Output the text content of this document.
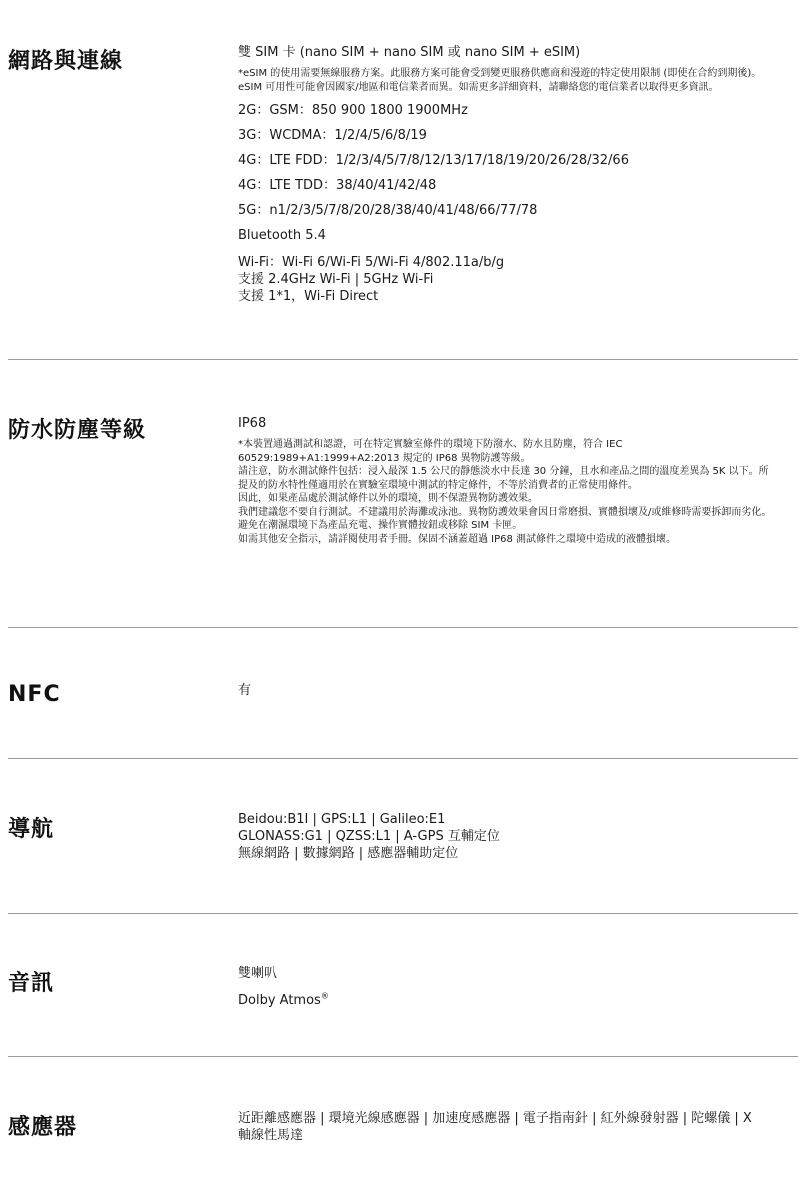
網路與連線	雙 SIM 卡 (nano SIM + nano SIM 或 nano SIM + eSIM)
*eSIM 的使用需要無線服務方案。此服務方案可能會受到變更服務供應商和漫遊的特定使用限制 (即使在合約到期後)。eSIM 可用性可能會因國家/地區和電信業者而異。如需更多詳細資料，請聯絡您的電信業者以取得更多資訊。
2G：GSM：850 900 1800 1900MHz
3G：WCDMA：1/2/4/5/6/8/19
4G：LTE FDD：1/2/3/4/5/7/8/12/13/17/18/19/20/26/28/32/66
4G：LTE TDD：38/40/41/42/48
5G：n1/2/3/5/7/8/20/28/38/40/41/48/66/77/78
Bluetooth 5.4
Wi-Fi：Wi-Fi 6/Wi-Fi 5/Wi-Fi 4/802.11a/b/g
支援 2.4GHz Wi-Fi | 5GHz Wi-Fi
支援 1*1，Wi-Fi Direct
防水防塵等級	IP68
*本裝置通過測試和認證，可在特定實驗室條件的環境下防潑水、防水且防塵，符合 IEC 60529:1989+A1:1999+A2:2013 規定的 IP68 異物防護等級。
請注意，防水測試條件包括：浸入最深 1.5 公尺的靜態淡水中長達 30 分鐘，且水和產品之間的溫度差異為 5K 以下。所提及的防水特性僅適用於在實驗室環境中測試的特定條件，不等於消費者的正常使用條件。
因此，如果產品處於測試條件以外的環境，則不保證異物防護效果。
我們建議您不要自行測試。不建議用於海灘或泳池。異物防護效果會因日常磨損、實體損壞及/或維修時需要拆卸而劣化。
避免在潮濕環境下為產品充電、操作實體按鈕或移除 SIM 卡匣。
如需其他安全指示，請詳閱使用者手冊。保固不涵蓋超過 IP68 測試條件之環境中造成的液體損壞。
NFC	有
導航	Beidou:B1I | GPS:L1 | Galileo:E1
GLONASS:G1 | QZSS:L1 | A-GPS 互輔定位
無線網路 | 數據網路 | 感應器輔助定位
音訊	雙喇叭
Dolby Atmos®
感應器	近距離感應器 | 環境光線感應器 | 加速度感應器 | 電子指南針 | 紅外線發射器 | 陀螺儀 | X 軸線性馬達
